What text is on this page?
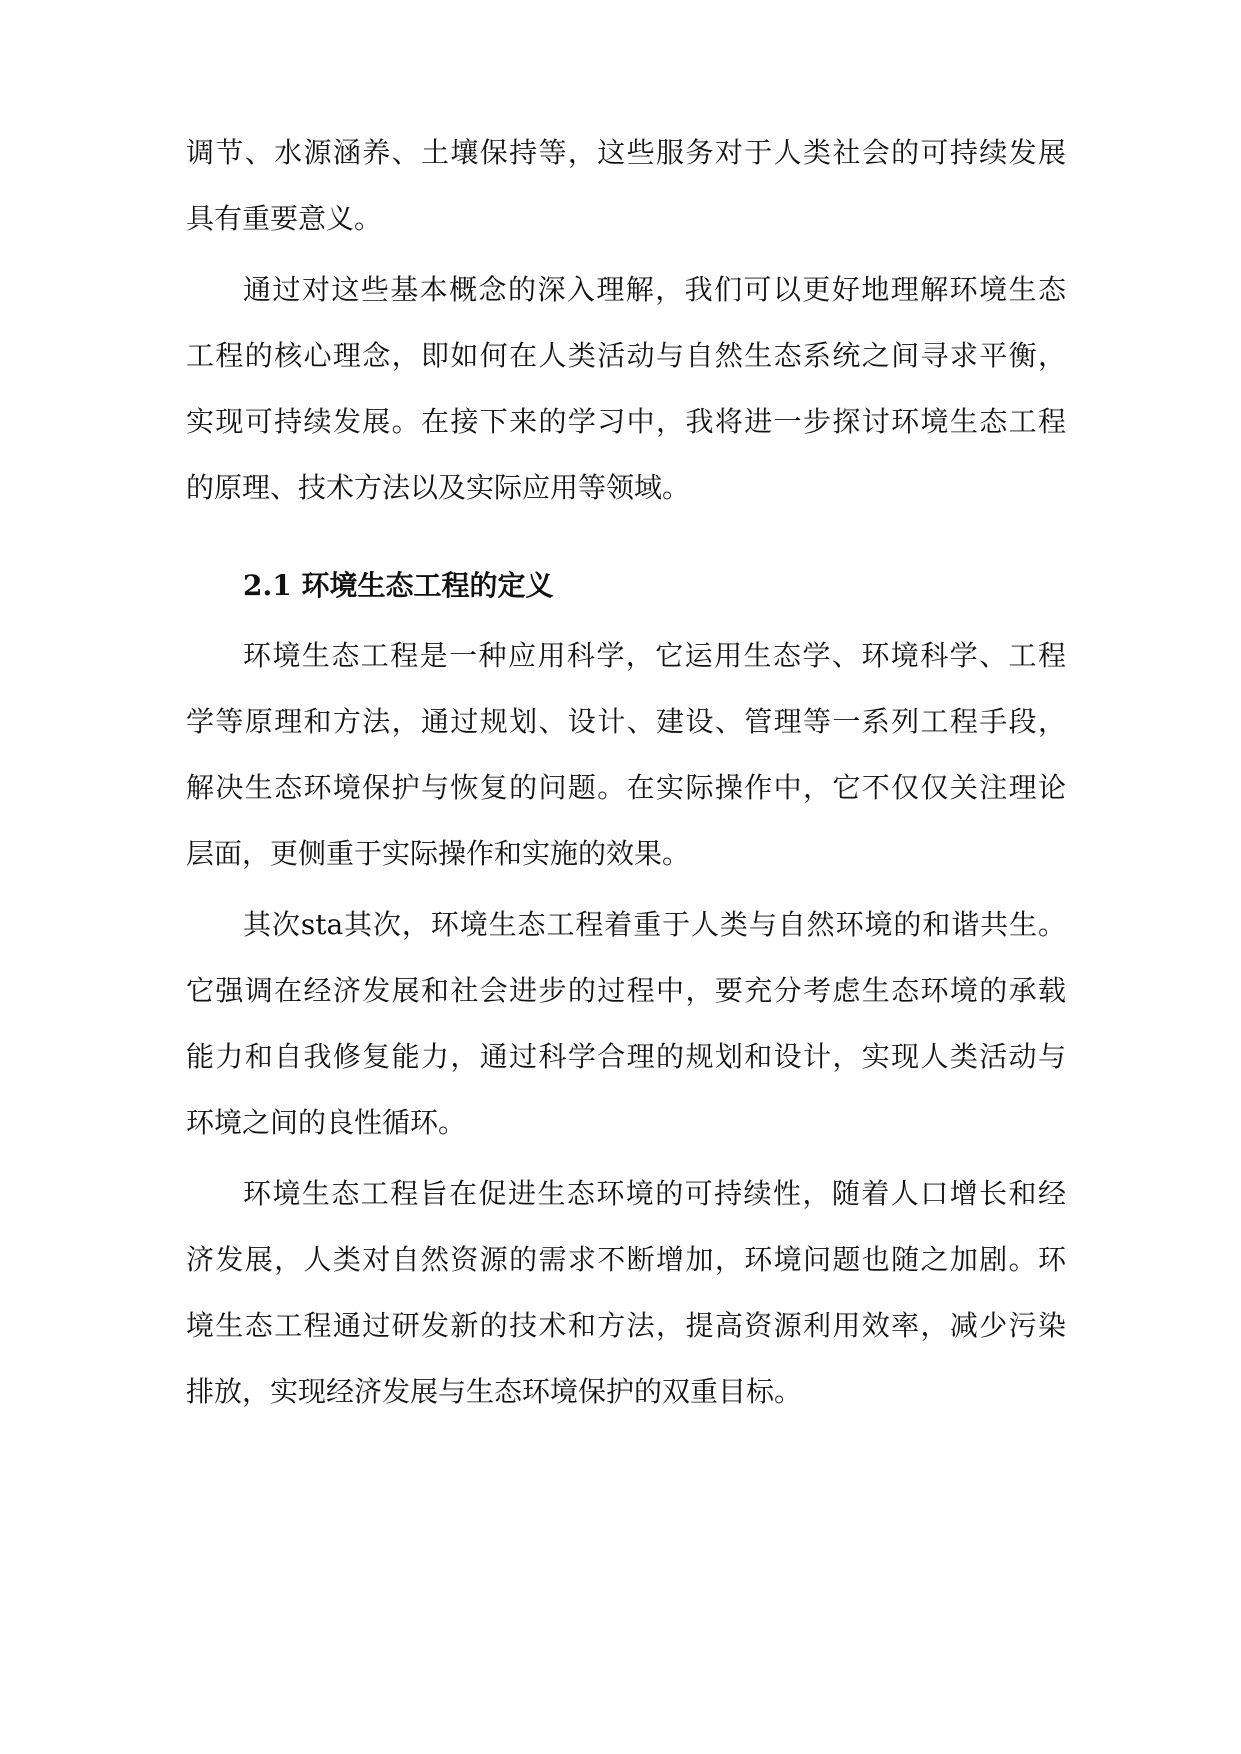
调节、水源涵养、土壤保持等，这些服务对于人类社会的可持续发展
具有重要意义。
通过对这些基本概念的深入理解，我们可以更好地理解环境生态
工程的核心理念，即如何在人类活动与自然生态系统之间寻求平衡，
实现可持续发展。在接下来的学习中，我将进一步探讨环境生态工程
的原理、技术方法以及实际应用等领域。
2.1 环境生态工程的定义
环境生态工程是一种应用科学，它运用生态学、环境科学、工程
学等原理和方法，通过规划、设计、建设、管理等一系列工程手段，
解决生态环境保护与恢复的问题。在实际操作中，它不仅仅关注理论
层面，更侧重于实际操作和实施的效果。
其次sta其次，环境生态工程着重于人类与自然环境的和谐共生。
它强调在经济发展和社会进步的过程中，要充分考虑生态环境的承载
能力和自我修复能力，通过科学合理的规划和设计，实现人类活动与
环境之间的良性循环。
环境生态工程旨在促进生态环境的可持续性，随着人口增长和经
济发展，人类对自然资源的需求不断增加，环境问题也随之加剧。环
境生态工程通过研发新的技术和方法，提高资源利用效率，减少污染
排放，实现经济发展与生态环境保护的双重目标。
